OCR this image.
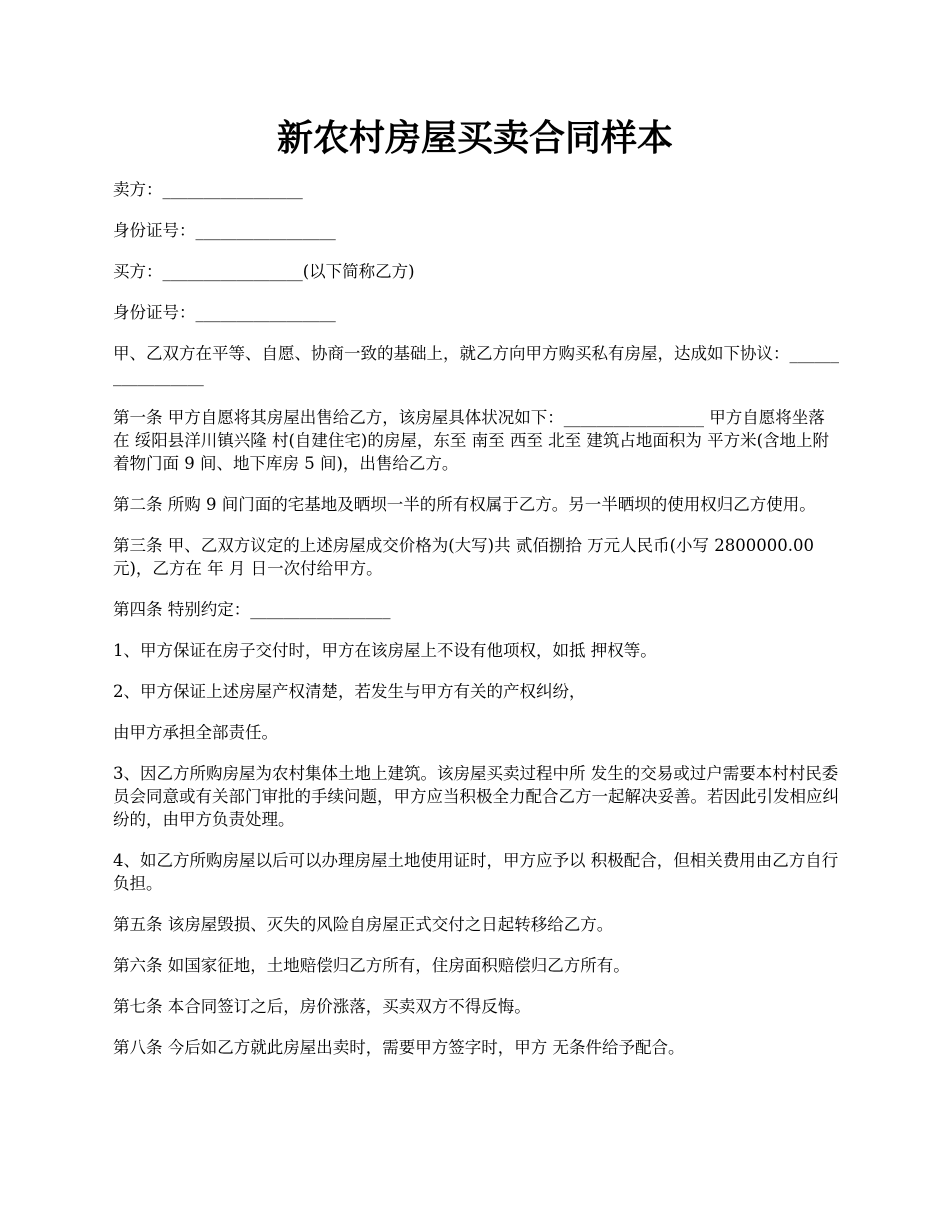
新农村房屋买卖合同样本

卖方：_________________

身份证号：_________________

买方：_________________(以下简称乙方)

身份证号：_________________

甲、乙双方在平等、自愿、协商一致的基础上，就乙方向甲方购买私有房屋，达成如下协议：_________________

第一条 甲方自愿将其房屋出售给乙方，该房屋具体状况如下：_________________ 甲方自愿将坐落在 绥阳县洋川镇兴隆 村(自建住宅)的房屋，东至 南至 西至 北至 建筑占地面积为 平方米(含地上附着物门面 9 间、地下库房 5 间)，出售给乙方。

第二条 所购 9 间门面的宅基地及晒坝一半的所有权属于乙方。另一半晒坝的使用权归乙方使用。

第三条 甲、乙双方议定的上述房屋成交价格为(大写)共 贰佰捌拾 万元人民币(小写 2800000.00 元)，乙方在 年 月 日一次付给甲方。

第四条 特别约定：_________________

1、甲方保证在房子交付时，甲方在该房屋上不设有他项权，如抵 押权等。

2、甲方保证上述房屋产权清楚，若发生与甲方有关的产权纠纷，

由甲方承担全部责任。

3、因乙方所购房屋为农村集体土地上建筑。该房屋买卖过程中所 发生的交易或过户需要本村村民委员会同意或有关部门审批的手续问题，甲方应当积极全力配合乙方一起解决妥善。若因此引发相应纠纷的，由甲方负责处理。

4、如乙方所购房屋以后可以办理房屋土地使用证时，甲方应予以 积极配合，但相关费用由乙方自行负担。

第五条 该房屋毁损、灭失的风险自房屋正式交付之日起转移给乙方。

第六条 如国家征地，土地赔偿归乙方所有，住房面积赔偿归乙方所有。

第七条 本合同签订之后，房价涨落，买卖双方不得反悔。

第八条 今后如乙方就此房屋出卖时，需要甲方签字时，甲方 无条件给予配合。
